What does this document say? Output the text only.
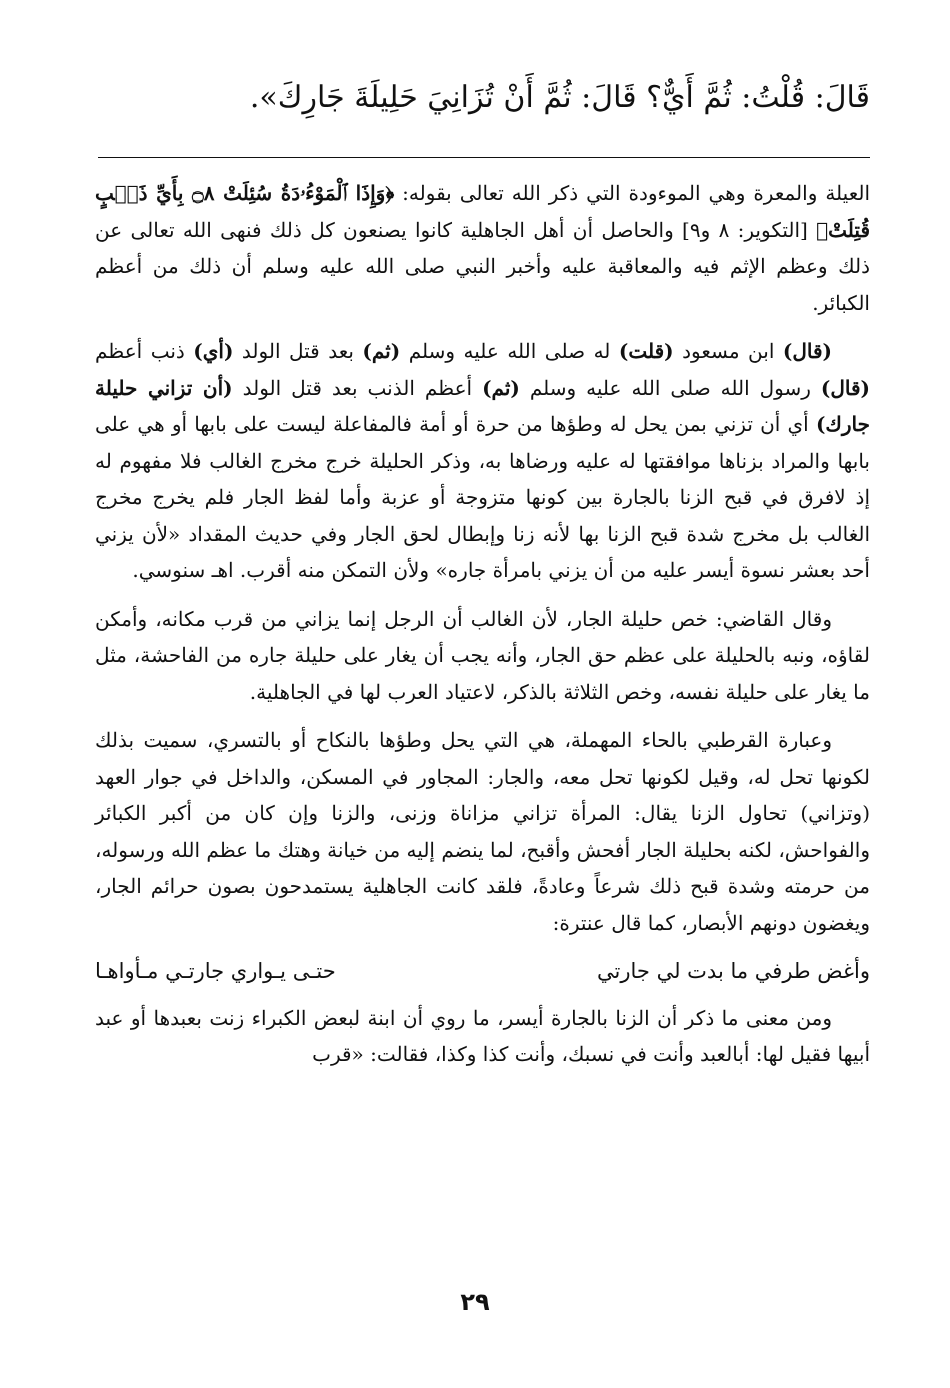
قَالَ: قُلْتُ: ثُمَّ أَيٌّ؟ قَالَ: ثُمَّ أَنْ تُزَانِيَ حَلِيلَةَ جَارِكَ».

العيلة والمعرة وهي الموءودة التي ذكر الله تعالى بقوله: ﴿وَإِذَا ٱلْمَوْءُۥدَةُ سُئِلَتْ ۝٨ بِأَيِّ ذَنۢبٍ قُتِلَتْ﴾ [التكوير: ٨ و٩] والحاصل أن أهل الجاهلية كانوا يصنعون كل ذلك فنهى الله تعالى عن ذلك وعظم الإثم فيه والمعاقبة عليه وأخبر النبي صلى الله عليه وسلم أن ذلك من أعظم الكبائر.

(قال) ابن مسعود (قلت) له صلى الله عليه وسلم (ثم) بعد قتل الولد (أي) ذنب أعظم (قال) رسول الله صلى الله عليه وسلم (ثم) أعظم الذنب بعد قتل الولد (أن تزاني حليلة جارك) أي أن تزني بمن يحل له وطؤها من حرة أو أمة فالمفاعلة ليست على بابها أو هي على بابها والمراد بزناها موافقتها له عليه ورضاها به، وذكر الحليلة خرج مخرج الغالب فلا مفهوم له إذ لافرق في قبح الزنا بالجارة بين كونها متزوجة أو عزبة وأما لفظ الجار فلم يخرج مخرج الغالب بل مخرج شدة قبح الزنا بها لأنه زنا وإبطال لحق الجار وفي حديث المقداد «لأن يزني أحد بعشر نسوة أيسر عليه من أن يزني بامرأة جاره» ولأن التمكن منه أقرب. اهـ سنوسي.

وقال القاضي: خص حليلة الجار، لأن الغالب أن الرجل إنما يزاني من قرب مكانه، وأمكن لقاؤه، ونبه بالحليلة على عظم حق الجار، وأنه يجب أن يغار على حليلة جاره من الفاحشة، مثل ما يغار على حليلة نفسه، وخص الثلاثة بالذكر، لاعتياد العرب لها في الجاهلية.

وعبارة القرطبي بالحاء المهملة، هي التي يحل وطؤها بالنكاح أو بالتسري، سميت بذلك لكونها تحل له، وقيل لكونها تحل معه، والجار: المجاور في المسكن، والداخل في جوار العهد (وتزاني) تحاول الزنا يقال: المرأة تزاني مزاناة وزنى، والزنا وإن كان من أكبر الكبائر والفواحش، لكنه بحليلة الجار أفحش وأقبح، لما ينضم إليه من خيانة وهتك ما عظم الله ورسوله، من حرمته وشدة قبح ذلك شرعاً وعادةً، فلقد كانت الجاهلية يستمدحون بصون حرائم الجار، ويغضون دونهم الأبصار، كما قال عنترة:

وأغض طرفي ما بدت لي جارتي
حتـى يـواري جارتـي مـأواهـا

ومن معنى ما ذكر أن الزنا بالجارة أيسر، ما روي أن ابنة لبعض الكبراء زنت بعبدها أو عبد أبيها فقيل لها: أبالعبد وأنت في نسبك، وأنت كذا وكذا، فقالت: «قرب

٢٩
